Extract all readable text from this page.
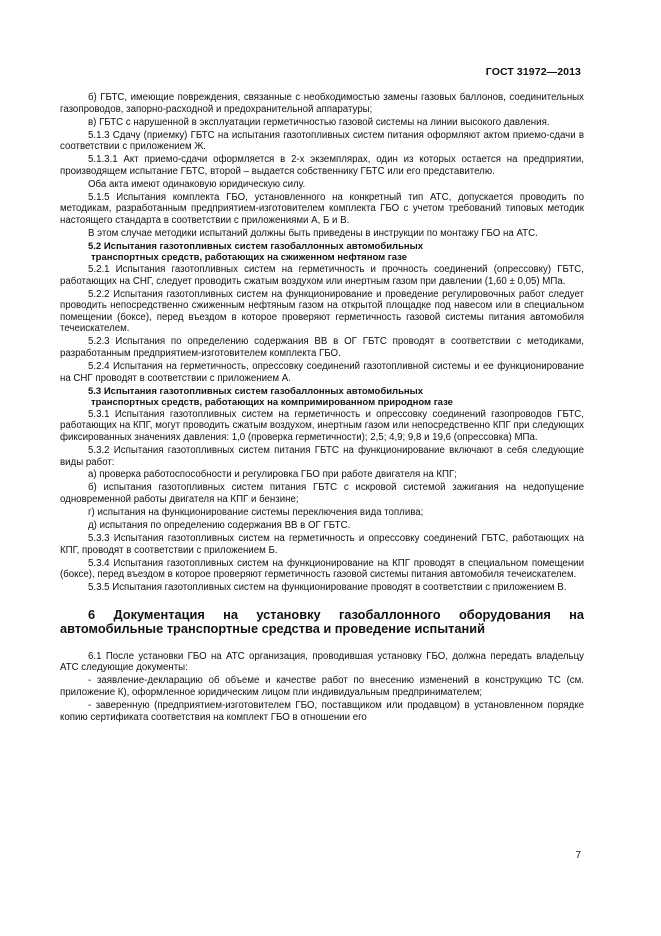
ГОСТ 31972—2013

б) ГБТС, имеющие повреждения, связанные с необходимостью замены газовых баллонов, соединительных газопроводов, запорно-расходной и предохранительной аппаратуры;

в) ГБТС с нарушенной в эксплуатации герметичностью газовой системы на линии высокого давления.

5.1.3 Сдачу (приемку) ГБТС на испытания газотопливных систем питания оформляют актом приемо-сдачи в соответствии с приложением Ж.

5.1.3.1 Акт приемо-сдачи оформляется в 2-х экземплярах, один из которых остается на предприятии, производящем испытание ГБТС, второй – выдается собственнику ГБТС или его представителю.

Оба акта имеют одинаковую юридическую силу.

5.1.5 Испытания комплекта ГБО, установленного на конкретный тип АТС, допускается проводить по методикам, разработанным предприятием-изготовителем комплекта ГБО с учетом требований типовых методик настоящего стандарта в соответствии с приложениями А, Б и В.

В этом случае методики испытаний должны быть приведены в инструкции по монтажу ГБО на АТС.

5.2 Испытания газотопливных систем газобаллонных автомобильных

транспортных средств, работающих на сжиженном нефтяном газе

5.2.1 Испытания газотопливных систем на герметичность и прочность соединений (опрессовку) ГБТС, работающих на СНГ, следует проводить сжатым воздухом или инертным газом при давлении (1,60 ± 0,05) МПа.

5.2.2 Испытания газотопливных систем на функционирование и проведение регулировочных работ следует проводить непосредственно сжиженным нефтяным газом на открытой площадке под навесом или в специальном помещении (боксе), перед въездом в которое проверяют герметичность газовой системы питания автомобиля течеискателем.

5.2.3 Испытания по определению содержания ВВ в ОГ ГБТС проводят в соответствии с методиками, разработанным предприятием-изготовителем комплекта ГБО.

5.2.4 Испытания на герметичность, опрессовку соединений газотопливной системы и ее функционирование на СНГ проводят в соответствии с приложением А.

5.3 Испытания газотопливных систем газобаллонных автомобильных

транспортных средств, работающих на компримированном природном газе

5.3.1 Испытания газотопливных систем на герметичность и опрессовку соединений газопроводов ГБТС, работающих на КПГ, могут проводить сжатым воздухом, инертным газом или непосредственно КПГ при следующих фиксированных значениях давления: 1,0 (проверка герметичности); 2,5; 4,9; 9,8 и 19,6 (опрессовка) МПа.

5.3.2 Испытания газотопливных систем питания ГБТС на функционирование включают в себя следующие виды работ:

а) проверка работоспособности и регулировка ГБО при работе двигателя на КПГ;

б) испытания газотопливных систем питания ГБТС с искровой системой зажигания на недопущение одновременной работы двигателя на КПГ и бензине;

г) испытания на функционирование системы переключения вида топлива;

д) испытания по определению содержания ВВ в ОГ ГБТС.

5.3.3 Испытания газотопливных систем на герметичность и опрессовку соединений ГБТС, работающих на КПГ, проводят в соответствии с приложением Б.

5.3.4 Испытания газотопливных систем на функционирование на КПГ проводят в специальном помещении (боксе), перед въездом в которое проверяют герметичность газовой системы питания автомобиля течеискателем.

5.3.5 Испытания газотопливных систем на функционирование проводят в соответствии с приложением В.

6 Документация на установку газобаллонного оборудования на автомобильные транспортные средства и проведение испытаний

6.1 После установки ГБО на АТС организация, проводившая установку ГБО, должна передать владельцу АТС следующие документы:

- заявление-декларацию об объеме и качестве работ по внесению изменений в конструкцию ТС (см. приложение К), оформленное юридическим лицом пли индивидуальным предпринимателем;

- заверенную (предприятием-изготовителем ГБО, поставщиком или продавцом) в установленном порядке копию сертификата соответствия на комплект ГБО в отношении его

7
